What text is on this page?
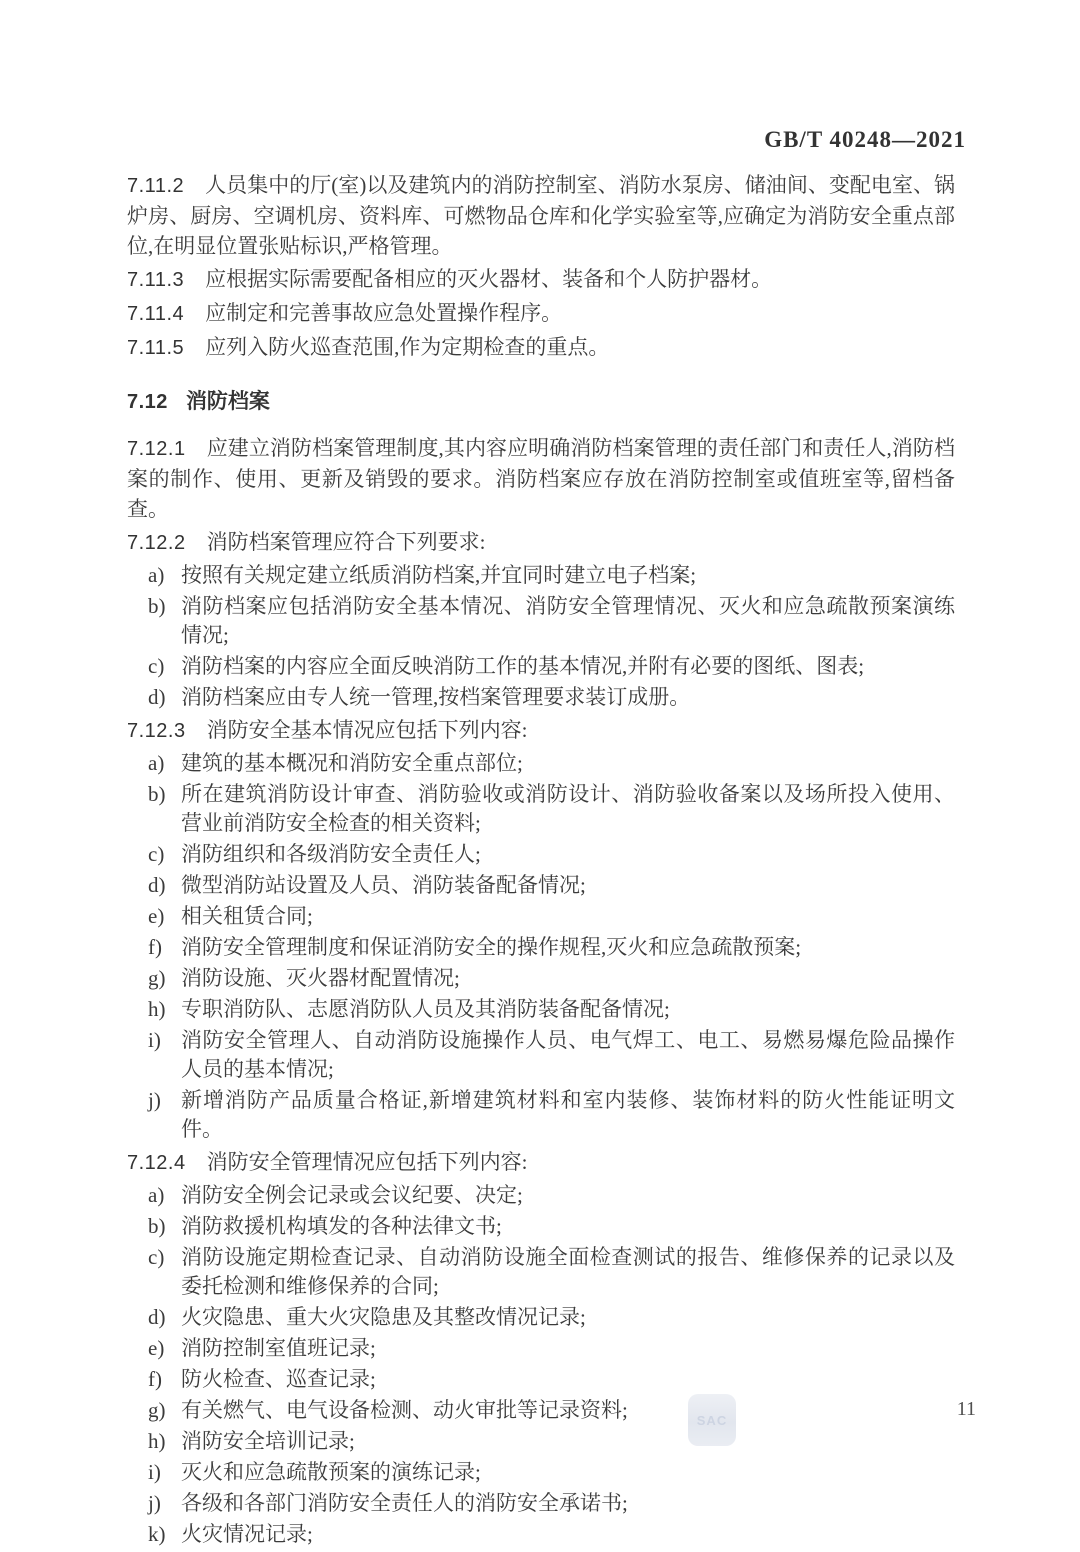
GB/T 40248—2021

7.11.2 人员集中的厅(室)以及建筑内的消防控制室、消防水泵房、储油间、变配电室、锅炉房、厨房、空调机房、资料库、可燃物品仓库和化学实验室等,应确定为消防安全重点部位,在明显位置张贴标识,严格管理。

7.11.3 应根据实际需要配备相应的灭火器材、装备和个人防护器材。

7.11.4 应制定和完善事故应急处置操作程序。

7.11.5 应列入防火巡查范围,作为定期检查的重点。

7.12 消防档案

7.12.1 应建立消防档案管理制度,其内容应明确消防档案管理的责任部门和责任人,消防档案的制作、使用、更新及销毁的要求。消防档案应存放在消防控制室或值班室等,留档备查。

7.12.2 消防档案管理应符合下列要求:

a) 按照有关规定建立纸质消防档案,并宜同时建立电子档案;
b) 消防档案应包括消防安全基本情况、消防安全管理情况、灭火和应急疏散预案演练情况;
c) 消防档案的内容应全面反映消防工作的基本情况,并附有必要的图纸、图表;
d) 消防档案应由专人统一管理,按档案管理要求装订成册。

7.12.3 消防安全基本情况应包括下列内容:

a) 建筑的基本概况和消防安全重点部位;
b) 所在建筑消防设计审查、消防验收或消防设计、消防验收备案以及场所投入使用、营业前消防安全检查的相关资料;
c) 消防组织和各级消防安全责任人;
d) 微型消防站设置及人员、消防装备配备情况;
e) 相关租赁合同;
f) 消防安全管理制度和保证消防安全的操作规程,灭火和应急疏散预案;
g) 消防设施、灭火器材配置情况;
h) 专职消防队、志愿消防队人员及其消防装备配备情况;
i) 消防安全管理人、自动消防设施操作人员、电气焊工、电工、易燃易爆危险品操作人员的基本情况;
j) 新增消防产品质量合格证,新增建筑材料和室内装修、装饰材料的防火性能证明文件。

7.12.4 消防安全管理情况应包括下列内容:

a) 消防安全例会记录或会议纪要、决定;
b) 消防救援机构填发的各种法律文书;
c) 消防设施定期检查记录、自动消防设施全面检查测试的报告、维修保养的记录以及委托检测和维修保养的合同;
d) 火灾隐患、重大火灾隐患及其整改情况记录;
e) 消防控制室值班记录;
f) 防火检查、巡查记录;
g) 有关燃气、电气设备检测、动火审批等记录资料;
h) 消防安全培训记录;
i) 灭火和应急疏散预案的演练记录;
j) 各级和各部门消防安全责任人的消防安全承诺书;
k) 火灾情况记录;
SAC	11
